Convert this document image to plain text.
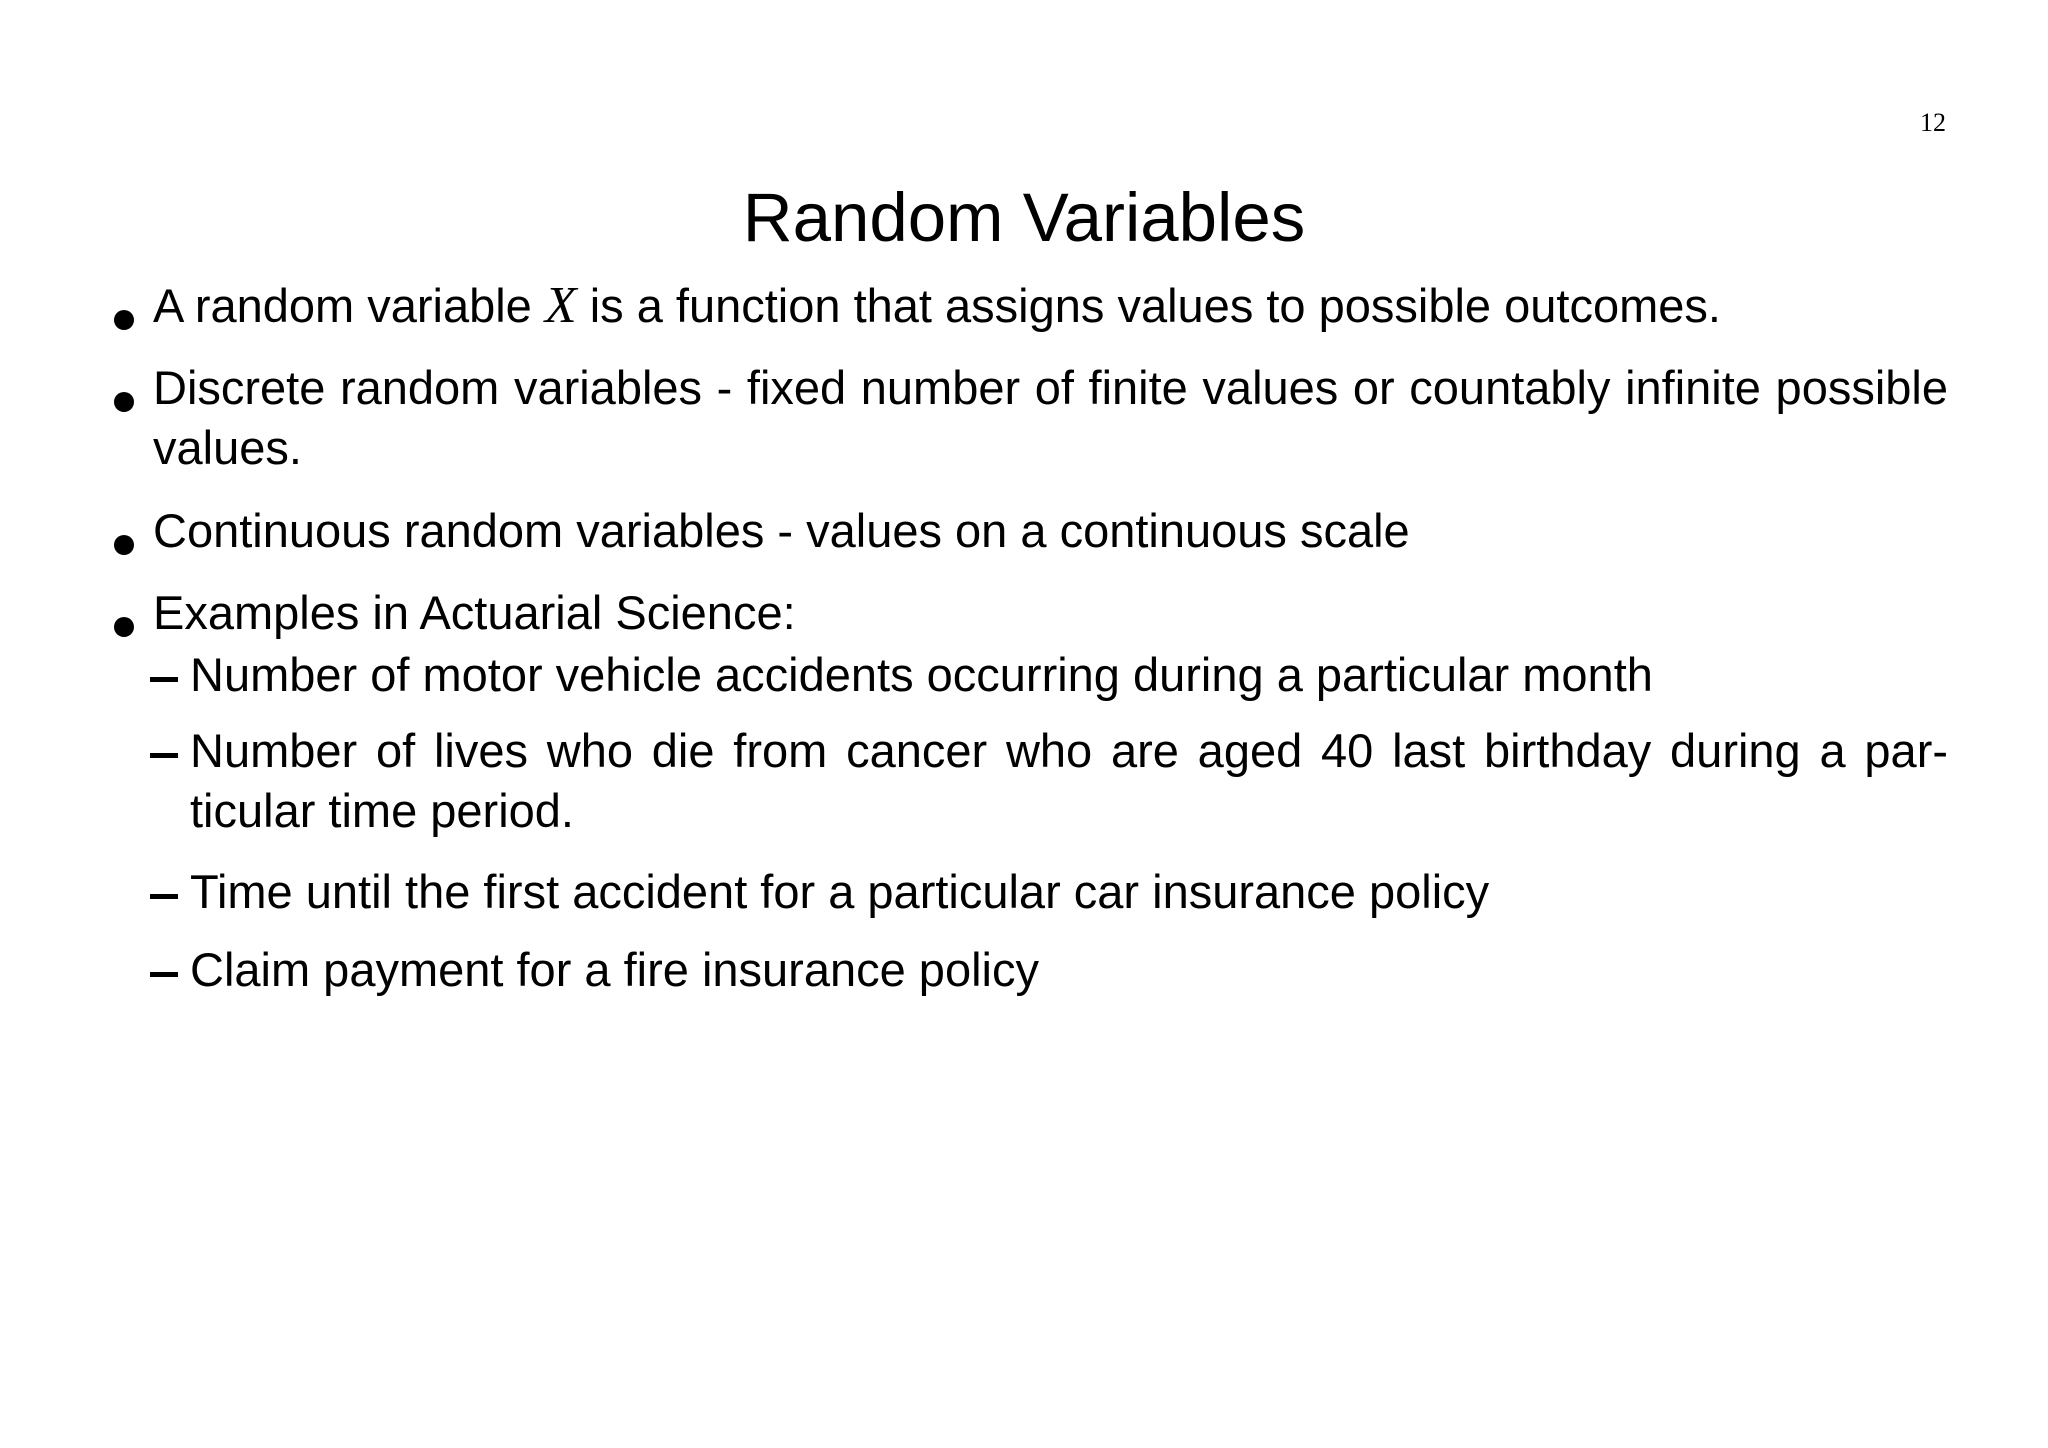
12
Random Variables
A random variable X is a function that assigns values to possible outcomes.
Discrete random variables - fixed number of finite values or countably infinite possible values.
Continuous random variables - values on a continuous scale
Examples in Actuarial Science:
Number of motor vehicle accidents occurring during a particular month
Number of lives who die from cancer who are aged 40 last birthday during a par-ticular time period.
Time until the first accident for a particular car insurance policy
Claim payment for a fire insurance policy
